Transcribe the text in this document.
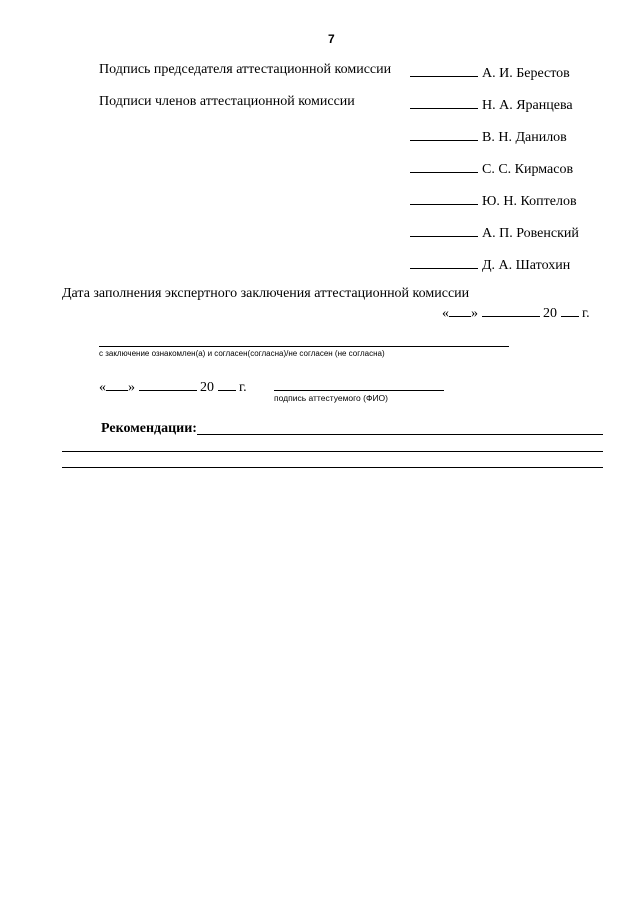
7
Подпись председателя аттестационной комиссии	А. И. Берестов
Подписи членов аттестационной комиссии	Н. А. Яранцева
В. Н. Данилов
С. С. Кирмасов
Ю. Н. Коптелов
А. П. Ровенский
Д. А. Шатохин
Дата заполнения экспертного заключения аттестационной комиссии
« »	20 г.
с заключение ознакомлен(а) и согласен(согласна)/не согласен (не согласна)
« »	20 г.
подпись аттестуемого (ФИО)
Рекомендации:
